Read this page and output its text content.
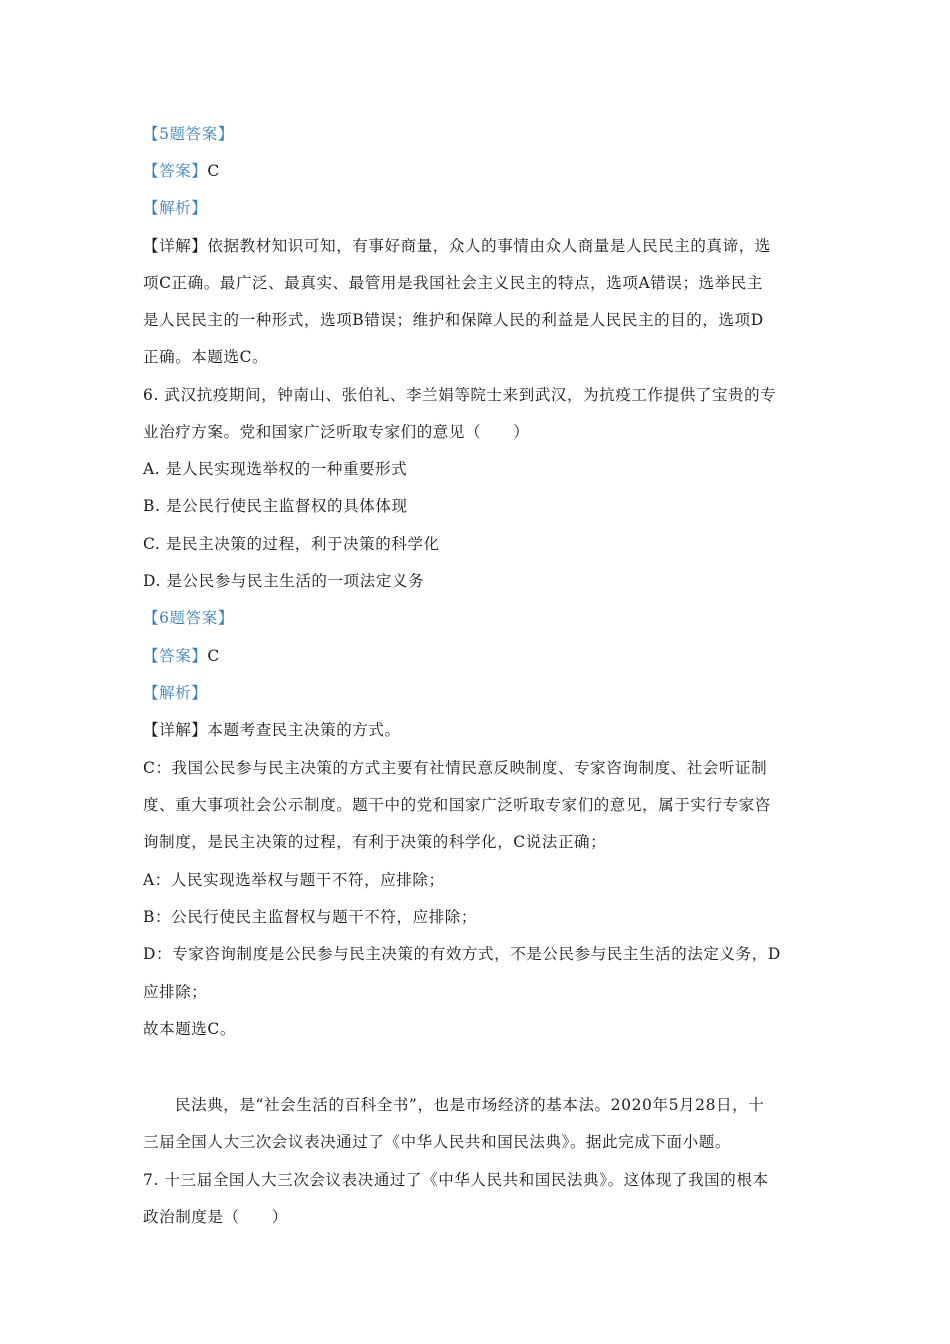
【5题答案】
【答案】C
【解析】
【详解】依据教材知识可知，有事好商量，众人的事情由众人商量是人民民主的真谛，选
项C正确。最广泛、最真实、最管用是我国社会主义民主的特点，选项A错误；选举民主
是人民民主的一种形式，选项B错误；维护和保障人民的利益是人民民主的目的，选项D
正确。本题选C。
6. 武汉抗疫期间，钟南山、张伯礼、李兰娟等院士来到武汉，为抗疫工作提供了宝贵的专
业治疗方案。党和国家广泛听取专家们的意见（　　）
A. 是人民实现选举权的一种重要形式
B. 是公民行使民主监督权的具体体现
C. 是民主决策的过程，利于决策的科学化
D. 是公民参与民主生活的一项法定义务
【6题答案】
【答案】C
【解析】
【详解】本题考查民主决策的方式。
C：我国公民参与民主决策的方式主要有社情民意反映制度、专家咨询制度、社会听证制
度、重大事项社会公示制度。题干中的党和国家广泛听取专家们的意见，属于实行专家咨
询制度，是民主决策的过程，有利于决策的科学化，C说法正确；
A：人民实现选举权与题干不符，应排除；
B：公民行使民主监督权与题干不符，应排除；
D：专家咨询制度是公民参与民主决策的有效方式，不是公民参与民主生活的法定义务，D
应排除；
故本题选C。
民法典，是“社会生活的百科全书”，也是市场经济的基本法。2020年5月28日，十
三届全国人大三次会议表决通过了《中华人民共和国民法典》。据此完成下面小题。
7. 十三届全国人大三次会议表决通过了《中华人民共和国民法典》。这体现了我国的根本
政治制度是（　　）
